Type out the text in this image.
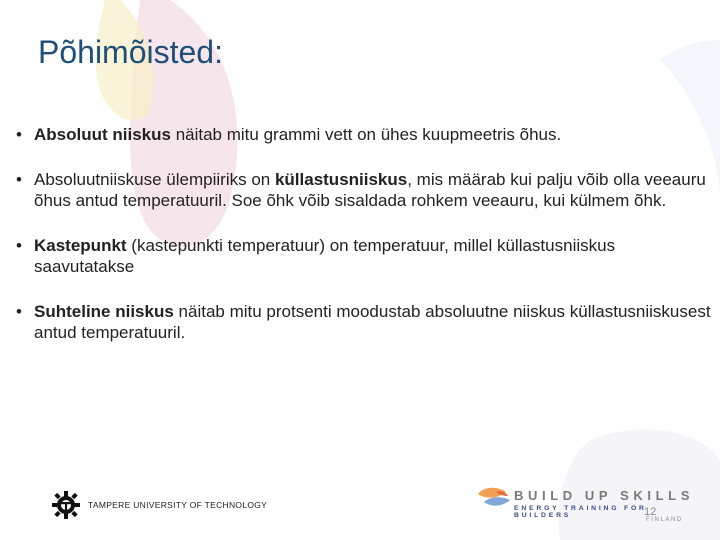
Põhimõisted:
• Absoluut niiskus näitab mitu grammi vett on ühes kuupmeetris õhus.
• Absoluutniiskuse ülempiiriks on küllastusniiskus, mis määrab kui palju võib olla veeauru õhus antud temperatuuril. Soe õhk võib sisaldada rohkem veeauru, kui külmem õhk.
• Kastepunkt (kastepunkti temperatuur) on temperatuur, millel küllastusniiskus saavutatakse
• Suhteline niiskus näitab mitu protsenti moodustab absoluutne niiskus küllastusniiskusest antud temperatuuril.
TAMPERE UNIVERSITY OF TECHNOLOGY
BUILD UP SKILLS
ENERGY TRAINING FOR BUILDERS
FINLAND
12
